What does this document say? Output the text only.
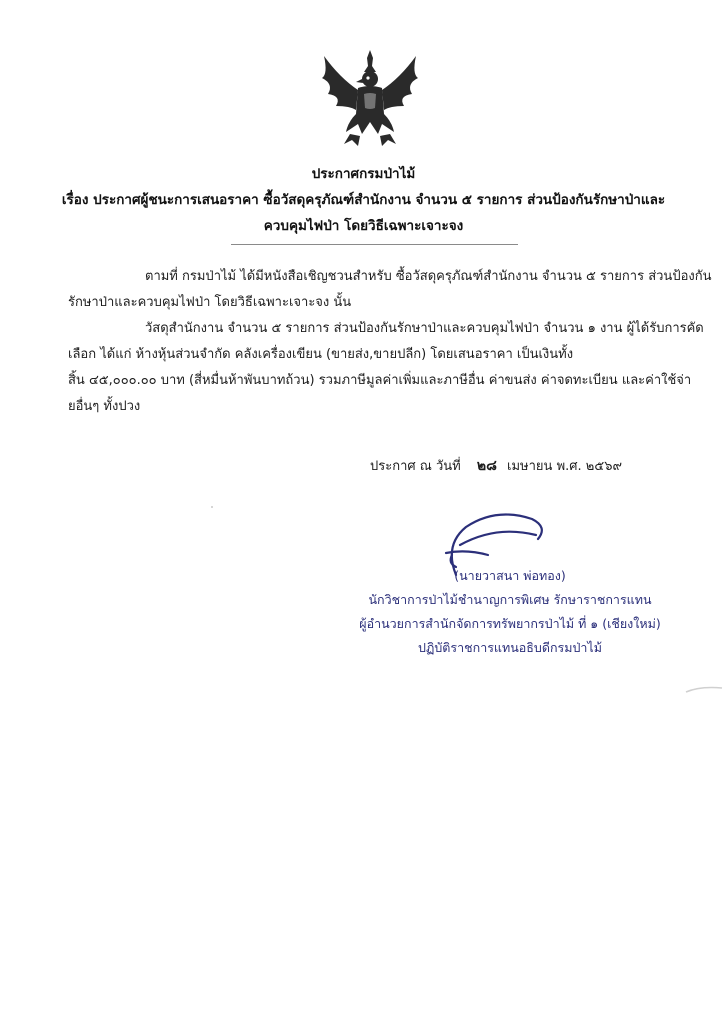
ประกาศกรมป่าไม้
เรื่อง ประกาศผู้ชนะการเสนอราคา ซื้อวัสดุครุภัณฑ์สำนักงาน จำนวน ๕ รายการ ส่วนป้องกันรักษาป่าและ
ควบคุมไฟป่า โดยวิธีเฉพาะเจาะจง
ตามที่ กรมป่าไม้ ได้มีหนังสือเชิญชวนสำหรับ ซื้อวัสดุครุภัณฑ์สำนักงาน จำนวน ๕ รายการ ส่วนป้องกัน
รักษาป่าและควบคุมไฟป่า โดยวิธีเฉพาะเจาะจง นั้น
วัสดุสำนักงาน จำนวน ๕ รายการ ส่วนป้องกันรักษาป่าและควบคุมไฟป่า จำนวน ๑ งาน ผู้ได้รับการคัด
เลือก ได้แก่ ห้างหุ้นส่วนจำกัด คลังเครื่องเขียน (ขายส่ง,ขายปลีก) โดยเสนอราคา เป็นเงินทั้ง
สิ้น ๔๕,๐๐๐.๐๐ บาท (สี่หมื่นห้าพันบาทถ้วน) รวมภาษีมูลค่าเพิ่มและภาษีอื่น ค่าขนส่ง ค่าจดทะเบียน และค่าใช้จ่า
ยอื่นๆ ทั้งปวง
ประกาศ ณ วันที่ ๒๘ เมษายน พ.ศ. ๒๕๖๙
(นายวาสนา พ่อทอง)
นักวิชาการป่าไม้ชำนาญการพิเศษ รักษาราชการแทน
ผู้อำนวยการสำนักจัดการทรัพยากรป่าไม้ ที่ ๑ (เชียงใหม่)
ปฏิบัติราชการแทนอธิบดีกรมป่าไม้
